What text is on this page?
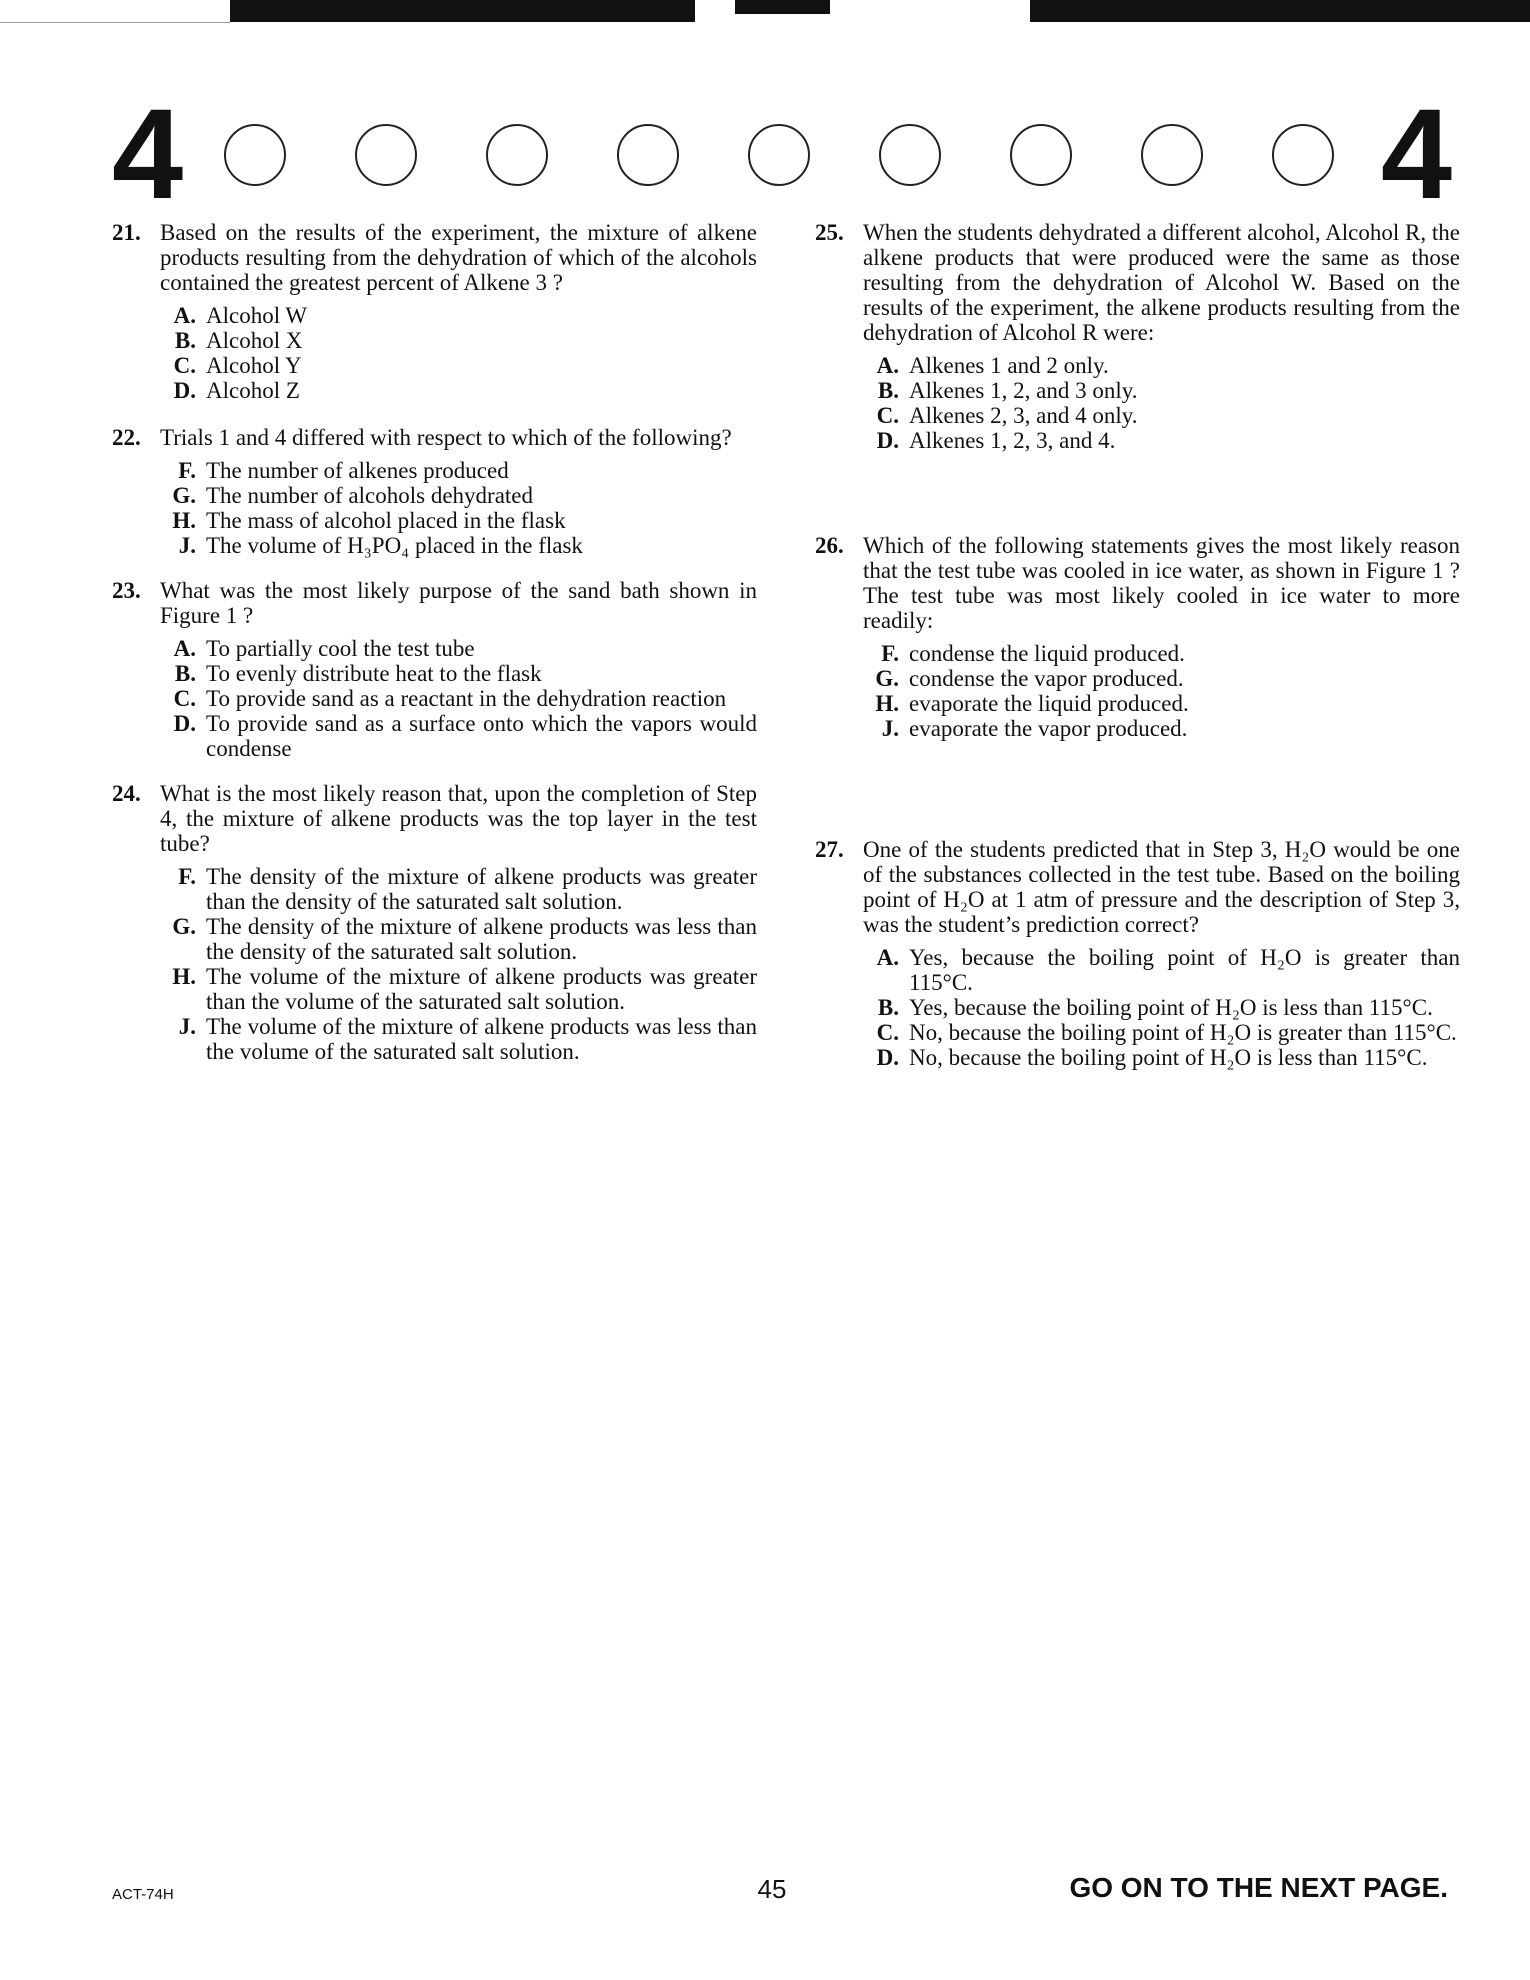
4	4
21. Based on the results of the experiment, the mixture of alkene products resulting from the dehydration of which of the alcohols contained the greatest percent of Alkene 3 ?
A. Alcohol W
B. Alcohol X
C. Alcohol Y
D. Alcohol Z
22. Trials 1 and 4 differed with respect to which of the following?
F. The number of alkenes produced
G. The number of alcohols dehydrated
H. The mass of alcohol placed in the flask
J. The volume of H₃PO₄ placed in the flask
23. What was the most likely purpose of the sand bath shown in Figure 1 ?
A. To partially cool the test tube
B. To evenly distribute heat to the flask
C. To provide sand as a reactant in the dehydration reaction
D. To provide sand as a surface onto which the vapors would condense
24. What is the most likely reason that, upon the completion of Step 4, the mixture of alkene products was the top layer in the test tube?
F. The density of the mixture of alkene products was greater than the density of the saturated salt solution.
G. The density of the mixture of alkene products was less than the density of the saturated salt solution.
H. The volume of the mixture of alkene products was greater than the volume of the saturated salt solution.
J. The volume of the mixture of alkene products was less than the volume of the saturated salt solution.
25. When the students dehydrated a different alcohol, Alcohol R, the alkene products that were produced were the same as those resulting from the dehydration of Alcohol W. Based on the results of the experiment, the alkene products resulting from the dehydration of Alcohol R were:
A. Alkenes 1 and 2 only.
B. Alkenes 1, 2, and 3 only.
C. Alkenes 2, 3, and 4 only.
D. Alkenes 1, 2, 3, and 4.
26. Which of the following statements gives the most likely reason that the test tube was cooled in ice water, as shown in Figure 1 ? The test tube was most likely cooled in ice water to more readily:
F. condense the liquid produced.
G. condense the vapor produced.
H. evaporate the liquid produced.
J. evaporate the vapor produced.
27. One of the students predicted that in Step 3, H₂O would be one of the substances collected in the test tube. Based on the boiling point of H₂O at 1 atm of pressure and the description of Step 3, was the student’s prediction correct?
A. Yes, because the boiling point of H₂O is greater than 115°C.
B. Yes, because the boiling point of H₂O is less than 115°C.
C. No, because the boiling point of H₂O is greater than 115°C.
D. No, because the boiling point of H₂O is less than 115°C.
ACT-74H	45	GO ON TO THE NEXT PAGE.
